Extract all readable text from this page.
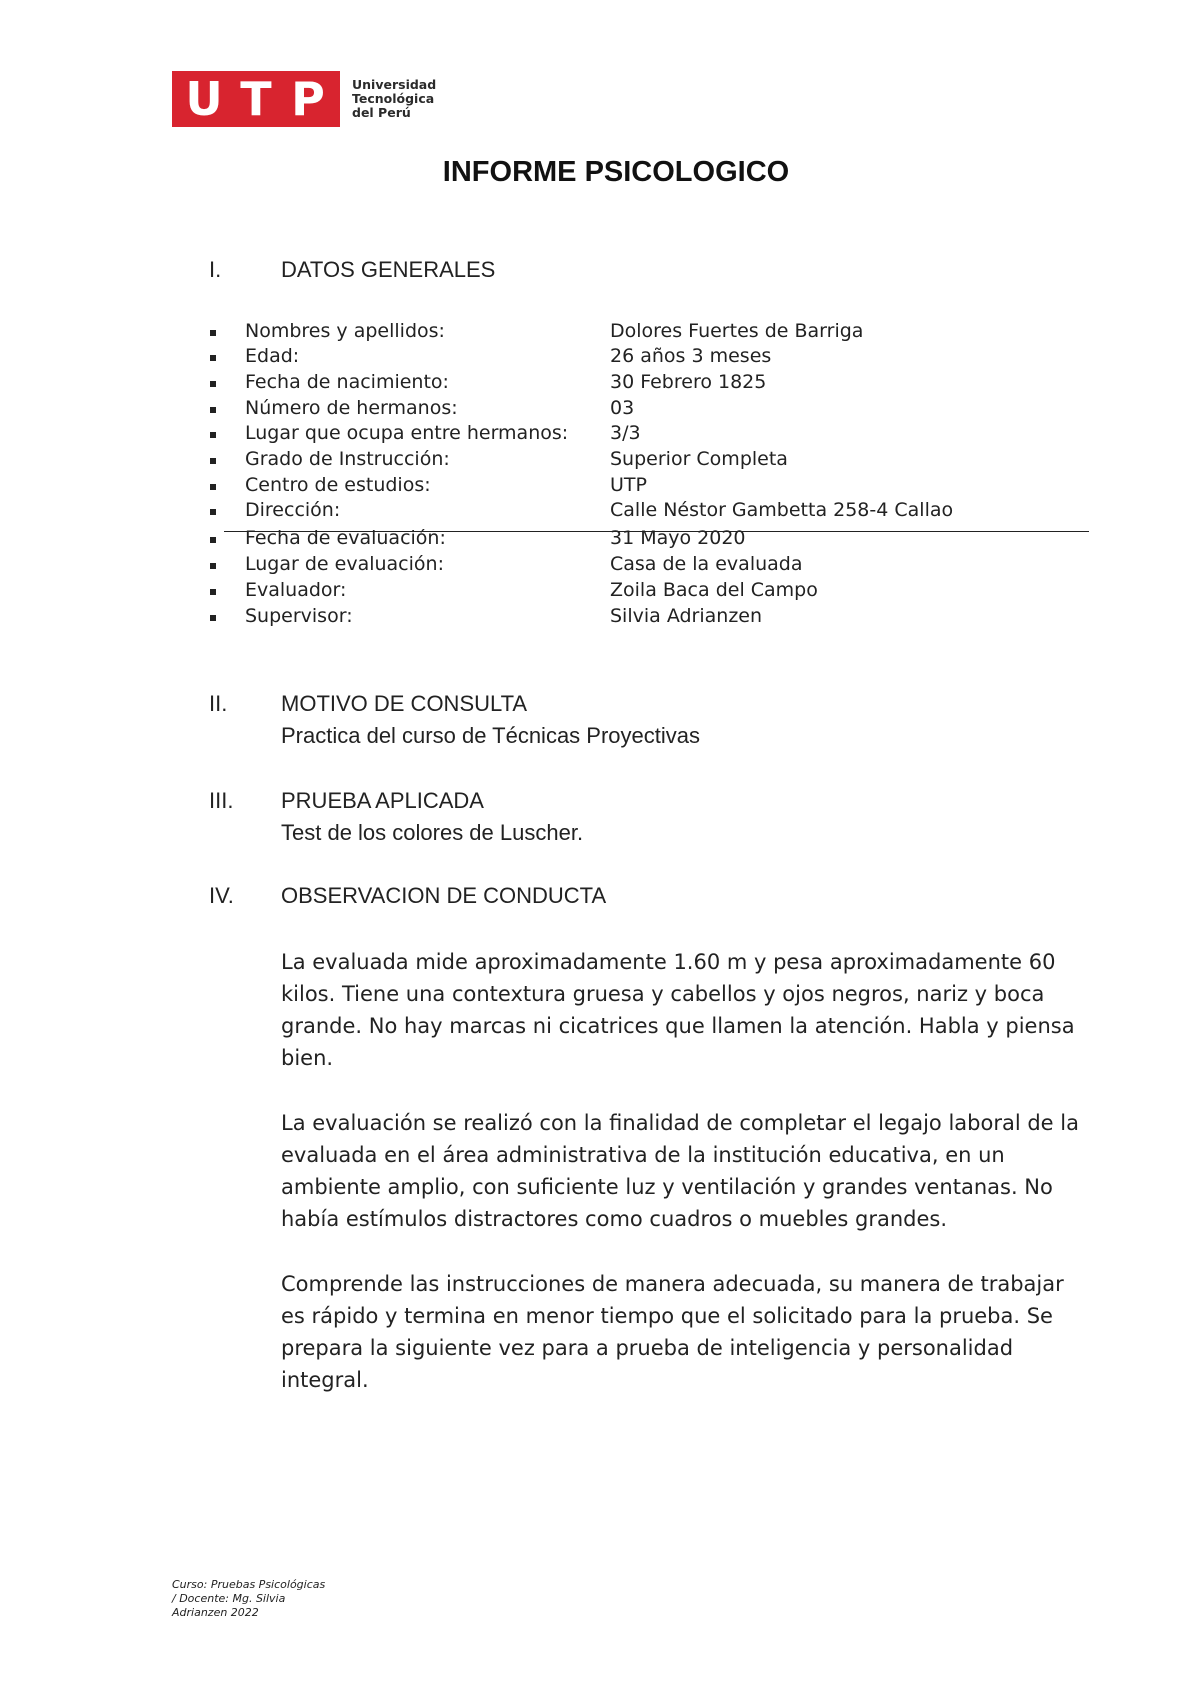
U T P	Universidad
Tecnológica
del Perú
INFORME PSICOLOGICO
I.	DATOS GENERALES
Nombres y apellidos:	Dolores Fuertes de Barriga
Edad:	26 años 3 meses
Fecha de nacimiento:	30 Febrero 1825
Número de hermanos:	03
Lugar que ocupa entre hermanos: 3/3
Grado de Instrucción:	Superior Completa
Centro de estudios:	UTP
Dirección:	Calle Néstor Gambetta 258-4 Callao
Fecha de evaluación:	31 Mayo 2020
Lugar de evaluación:	Casa de la evaluada
Evaluador:	Zoila Baca del Campo
Supervisor:	Silvia Adrianzen
II. MOTIVO DE CONSULTA
Practica del curso de Técnicas Proyectivas
III. PRUEBA APLICADA
Test de los colores de Luscher.
IV. OBSERVACION DE CONDUCTA
La evaluada mide aproximadamente 1.60 m y pesa aproximadamente 60 kilos. Tiene una contextura gruesa y cabellos y ojos negros, nariz y boca grande. No hay marcas ni cicatrices que llamen la atención. Habla y piensa bien.
La evaluación se realizó con la finalidad de completar el legajo laboral de la evaluada en el área administrativa de la institución educativa, en un ambiente amplio, con suficiente luz y ventilación y grandes ventanas. No había estímulos distractores como cuadros o muebles grandes.
Comprende las instrucciones de manera adecuada, su manera de trabajar es rápido y termina en menor tiempo que el solicitado para la prueba. Se prepara la siguiente vez para a prueba de inteligencia y personalidad integral.
Curso: Pruebas Psicológicas
/ Docente: Mg. Silvia
Adrianzen 2022
